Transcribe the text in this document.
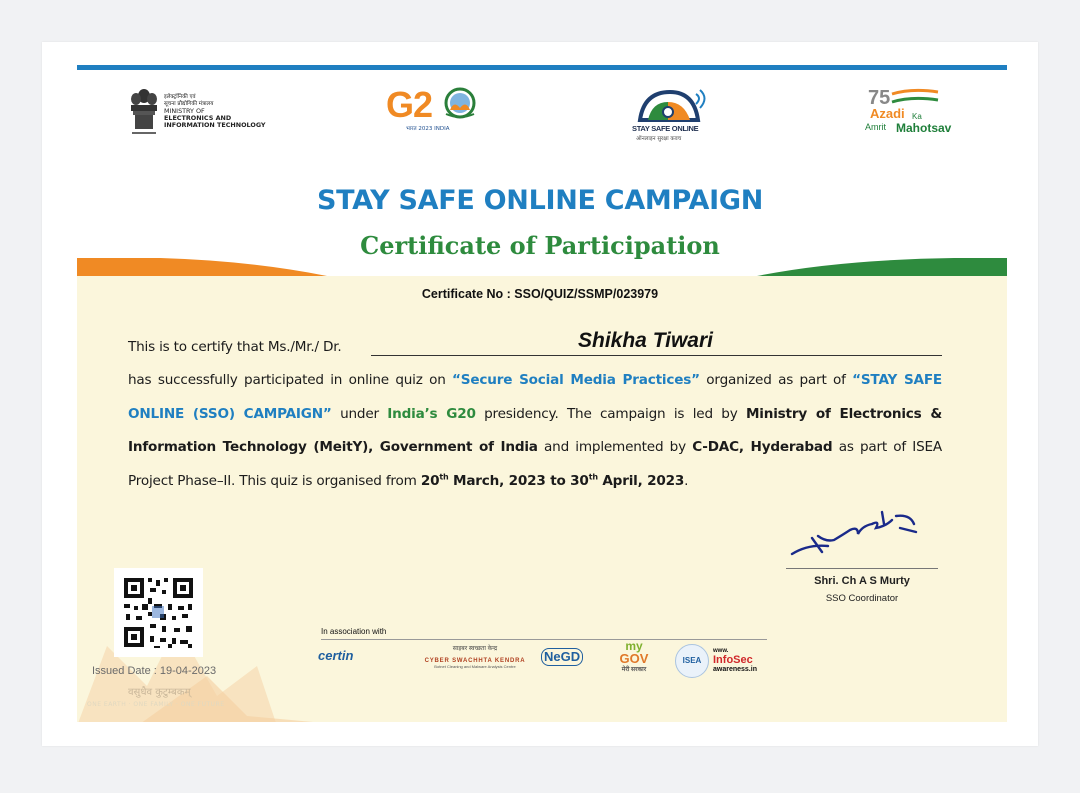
इलेक्ट्रॉनिकी एवं
सूचना प्रौद्योगिकी मंत्रालय
MINISTRY OF
ELECTRONICS AND
INFORMATION TECHNOLOGY	G2
भारत 2023 INDIA	STAY SAFE ONLINE
ऑनलाइन सुरक्षा कवच
75
Azadi Ka
Amrit Mahotsav
STAY SAFE ONLINE CAMPAIGN
Certificate of Participation
Certificate No : SSO/QUIZ/SSMP/023979
This is to certify that Ms./Mr./ Dr.	Shikha Tiwari
has successfully participated in online quiz on “Secure Social Media Practices” organized as part of “STAY SAFE ONLINE (SSO) CAMPAIGN” under India’s G20 presidency. The campaign is led by Ministry of Electronics & Information Technology (MeitY), Government of India and implemented by C-DAC, Hyderabad as part of ISEA Project Phase–II. This quiz is organised from 20th March, 2023 to 30th April, 2023.
Shri. Ch A S Murty
SSO Coordinator
Issued Date : 19-04-2023
वसुधैव कुटुम्बकम्
ONE EARTH · ONE FAMILY · ONE FUTURE
In association with
certin	साइबर स्वच्छता केन्द्र
CYBER SWACHHTA KENDRA
Botnet Cleaning and Malware Analysis Centre
NeGD
my
GOV
मेरी सरकार
ISEA
www.
InfoSec
awareness.in
